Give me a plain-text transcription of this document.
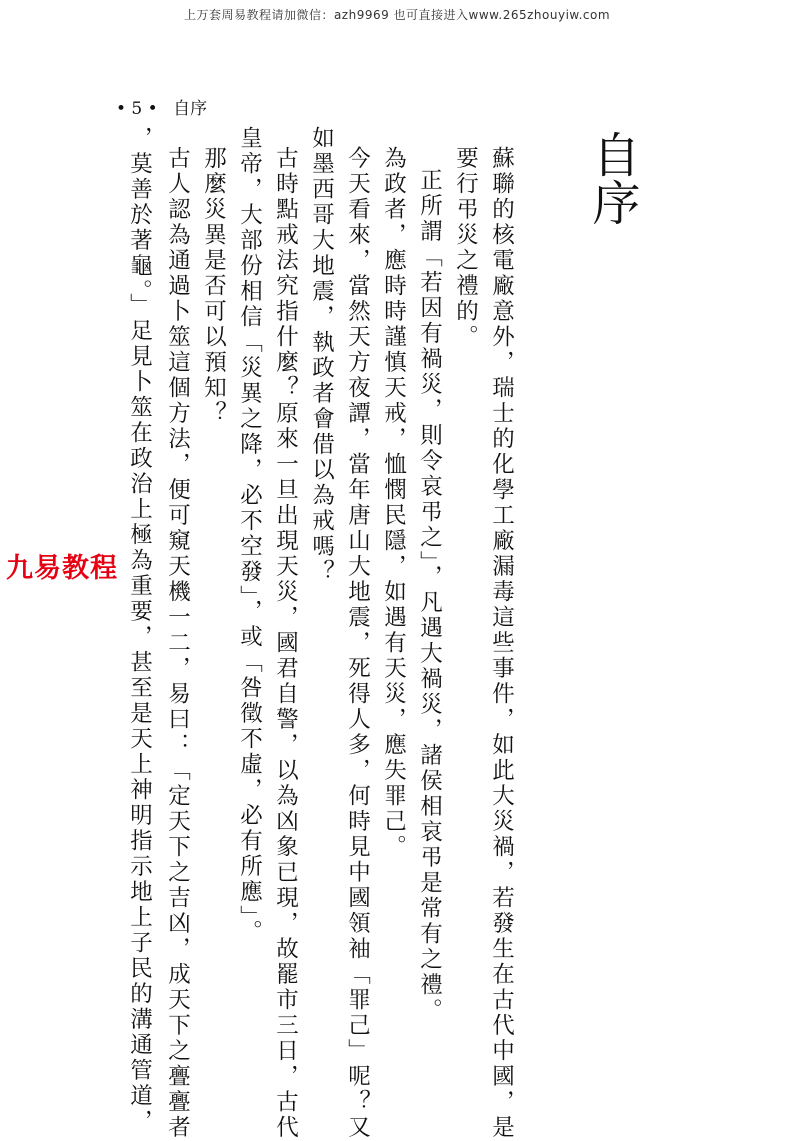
上万套周易教程请加微信：azh9969 也可直接进入www.265zhouyiw.com
• 5 • 自序
自序
蘇聯的核電廠意外，瑞士的化學工廠漏毒這些事件，如此大災禍，若發生在古代中國，是
要行弔災之禮的。
正所謂「若因有禍災，則令哀弔之」，凡遇大禍災，諸侯相哀弔是常有之禮。
為政者，應時時謹慎天戒，恤憫民隱，如遇有天災，應失罪己。
今天看來，當然天方夜譚，當年唐山大地震，死得人多，何時見中國領袖「罪己」呢？又
如墨西哥大地震，執政者會借以為戒嗎？
古時點戒法究指什麼？原來一旦出現天災，國君自警，以為凶象已現，故罷市三日，古代
皇帝，大部份相信「災異之降，必不空發」，或「咎徵不虛，必有所應」。
那麼災異是否可以預知？
古人認為通過卜筮這個方法，便可窺天機一二，易曰：「定天下之吉凶，成天下之亹亹者
，莫善於著龜。」足見卜筮在政治上極為重要，甚至是天上神明指示地上子民的溝通管道，
九易教程
